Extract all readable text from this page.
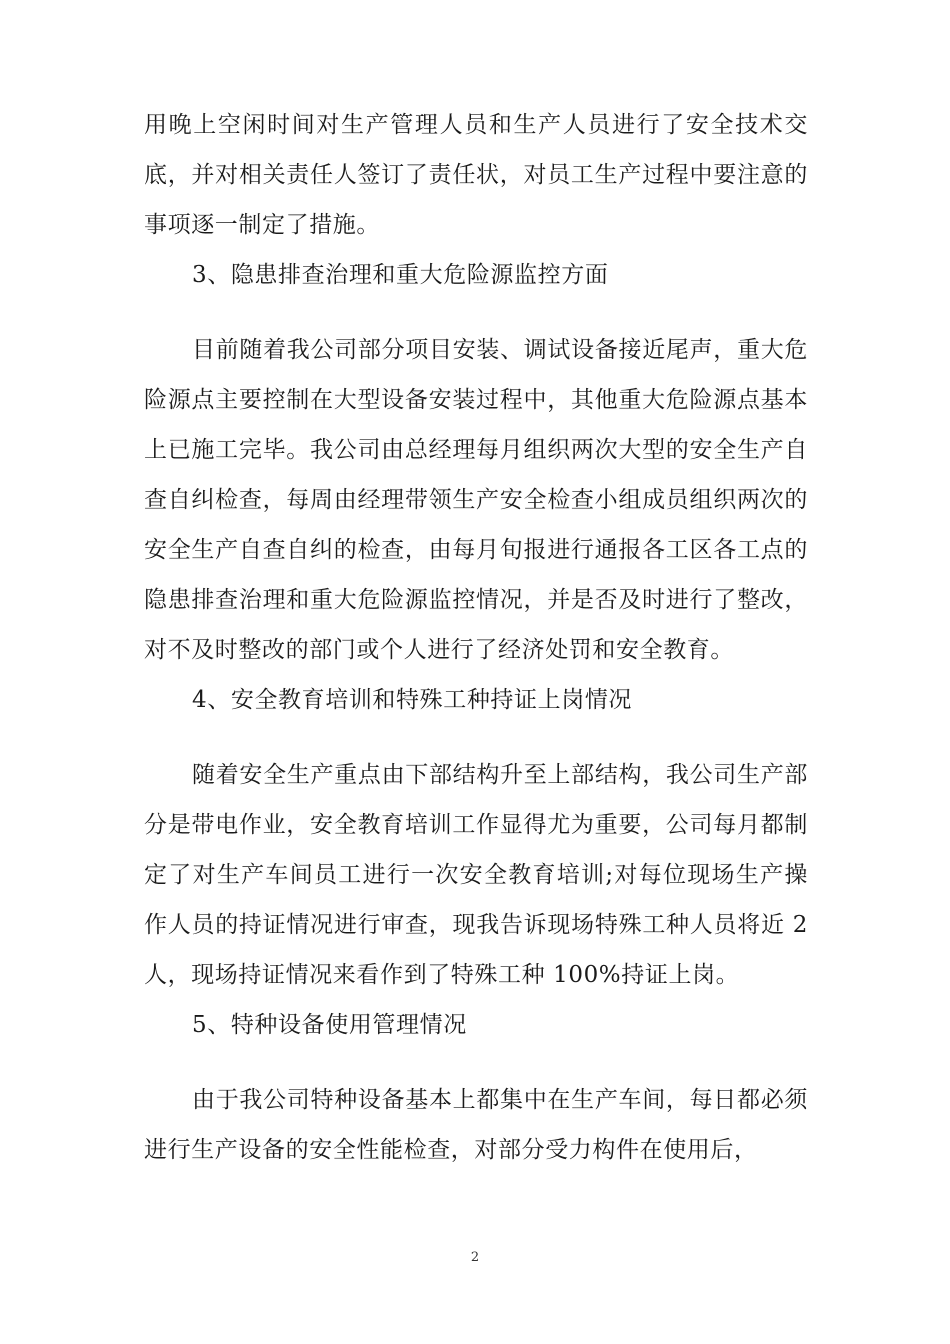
用晚上空闲时间对生产管理人员和生产人员进行了安全技术交底，并对相关责任人签订了责任状，对员工生产过程中要注意的事项逐一制定了措施。

3、隐患排查治理和重大危险源监控方面

目前随着我公司部分项目安装、调试设备接近尾声，重大危险源点主要控制在大型设备安装过程中，其他重大危险源点基本上已施工完毕。我公司由总经理每月组织两次大型的安全生产自查自纠检查，每周由经理带领生产安全检查小组成员组织两次的安全生产自查自纠的检查，由每月旬报进行通报各工区各工点的隐患排查治理和重大危险源监控情况，并是否及时进行了整改，对不及时整改的部门或个人进行了经济处罚和安全教育。

4、安全教育培训和特殊工种持证上岗情况

随着安全生产重点由下部结构升至上部结构，我公司生产部分是带电作业，安全教育培训工作显得尤为重要，公司每月都制定了对生产车间员工进行一次安全教育培训;对每位现场生产操作人员的持证情况进行审查，现我告诉现场特殊工种人员将近 2 人，现场持证情况来看作到了特殊工种 100%持证上岗。

5、特种设备使用管理情况

由于我公司特种设备基本上都集中在生产车间，每日都必须进行生产设备的安全性能检查，对部分受力构件在使用后，

2
